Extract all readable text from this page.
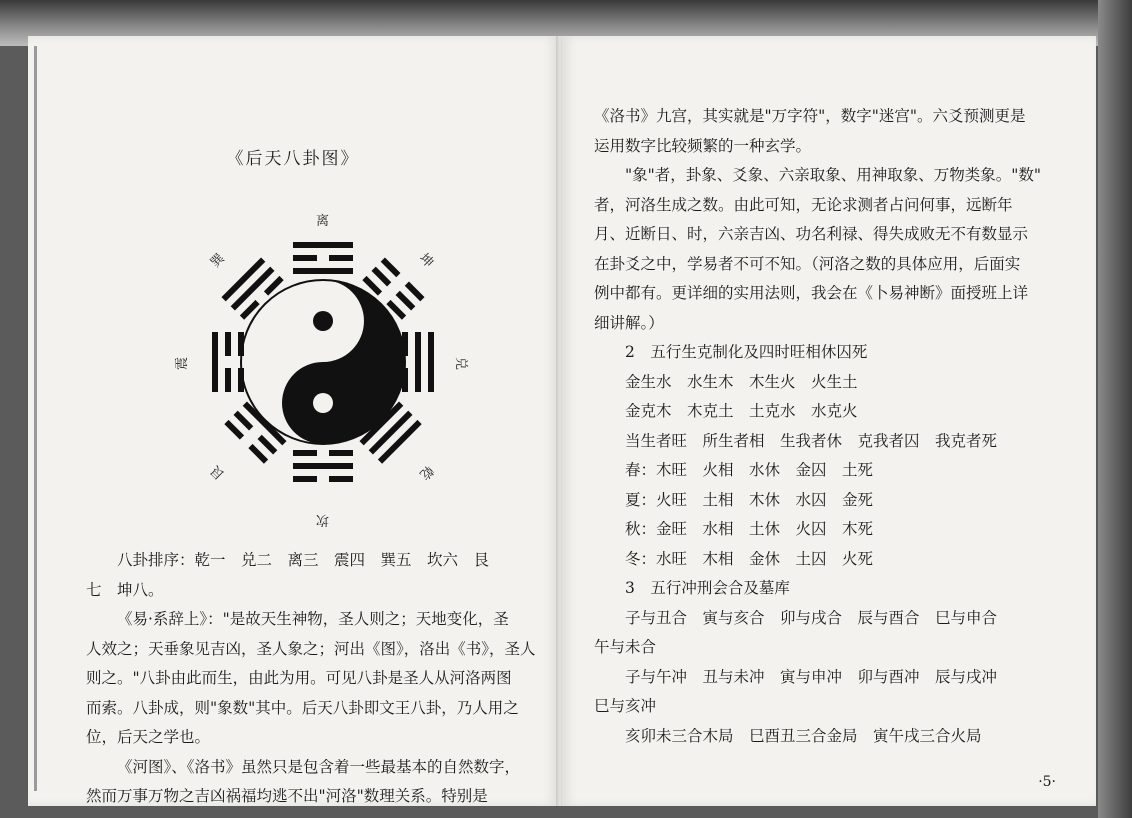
《后天八卦图》
离
坤
兑
乾
坎
艮
震
巽
八卦排序：乾一　兑二　离三　震四　巽五　坎六　艮
七　坤八。
《易·系辞上》："是故天生神物，圣人则之；天地变化，圣
人效之；天垂象见吉凶，圣人象之；河出《图》，洛出《书》，圣人
则之。"八卦由此而生，由此为用。可见八卦是圣人从河洛两图
而索。八卦成，则"象数"其中。后天八卦即文王八卦，乃人用之
位，后天之学也。
《河图》、《洛书》虽然只是包含着一些最基本的自然数字，
然而万事万物之吉凶祸福均逃不出"河洛"数理关系。特别是
《洛书》九宫，其实就是"万字符"，数字"迷宫"。六爻预测更是
运用数字比较频繁的一种玄学。
"象"者，卦象、爻象、六亲取象、用神取象、万物类象。"数"
者，河洛生成之数。由此可知，无论求测者占问何事，远断年
月、近断日、时，六亲吉凶、功名利禄、得失成败无不有数显示
在卦爻之中，学易者不可不知。（河洛之数的具体应用，后面实
例中都有。更详细的实用法则，我会在《卜易神断》面授班上详
细讲解。）
2　五行生克制化及四时旺相休囚死
金生水　水生木　木生火　火生土
金克木　木克土　土克水　水克火
当生者旺　所生者相　生我者休　克我者囚　我克者死
春：木旺　火相　水休　金囚　土死
夏：火旺　土相　木休　水囚　金死
秋：金旺　水相　土休　火囚　木死
冬：水旺　木相　金休　土囚　火死
3　五行冲刑会合及墓库
子与丑合　寅与亥合　卯与戌合　辰与酉合　巳与申合
午与未合
子与午冲　丑与未冲　寅与申冲　卯与酉冲　辰与戌冲
巳与亥冲
亥卯未三合木局　巳酉丑三合金局　寅午戌三合火局
·5·
